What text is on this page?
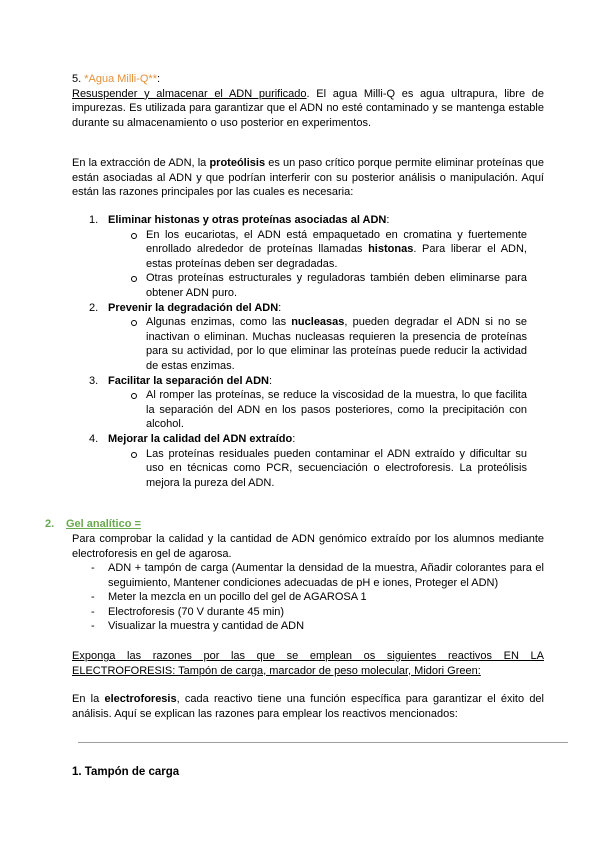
5. *Agua Milli-Q**:

Resuspender y almacenar el ADN purificado. El agua Milli-Q es agua ultrapura, libre de impurezas. Es utilizada para garantizar que el ADN no esté contaminado y se mantenga estable durante su almacenamiento o uso posterior en experimentos.

En la extracción de ADN, la proteólisis es un paso crítico porque permite eliminar proteínas que están asociadas al ADN y que podrían interferir con su posterior análisis o manipulación. Aquí están las razones principales por las cuales es necesaria:

1. Eliminar histonas y otras proteínas asociadas al ADN:
En los eucariotas, el ADN está empaquetado en cromatina y fuertemente enrollado alrededor de proteínas llamadas histonas. Para liberar el ADN, estas proteínas deben ser degradadas.
Otras proteínas estructurales y reguladoras también deben eliminarse para obtener ADN puro.
2. Prevenir la degradación del ADN:
Algunas enzimas, como las nucleasas, pueden degradar el ADN si no se inactivan o eliminan. Muchas nucleasas requieren la presencia de proteínas para su actividad, por lo que eliminar las proteínas puede reducir la actividad de estas enzimas.
3. Facilitar la separación del ADN:
Al romper las proteínas, se reduce la viscosidad de la muestra, lo que facilita la separación del ADN en los pasos posteriores, como la precipitación con alcohol.
4. Mejorar la calidad del ADN extraído:
Las proteínas residuales pueden contaminar el ADN extraído y dificultar su uso en técnicas como PCR, secuenciación o electroforesis. La proteólisis mejora la pureza del ADN.
2. Gel analítico =

Para comprobar la calidad y la cantidad de ADN genómico extraído por los alumnos mediante electroforesis en gel de agarosa.

- ADN + tampón de carga (Aumentar la densidad de la muestra, Añadir colorantes para el seguimiento, Mantener condiciones adecuadas de pH e iones, Proteger el ADN)
- Meter la mezcla en un pocillo del gel de AGAROSA 1
- Electroforesis (70 V durante 45 min)
- Visualizar la muestra y cantidad de ADN

Exponga las razones por las que se emplean os siguientes reactivos EN LA ELECTROFORESIS: Tampón de carga, marcador de peso molecular, Midori Green:

En la electroforesis, cada reactivo tiene una función específica para garantizar el éxito del análisis. Aquí se explican las razones para emplear los reactivos mencionados:

1. Tampón de carga
